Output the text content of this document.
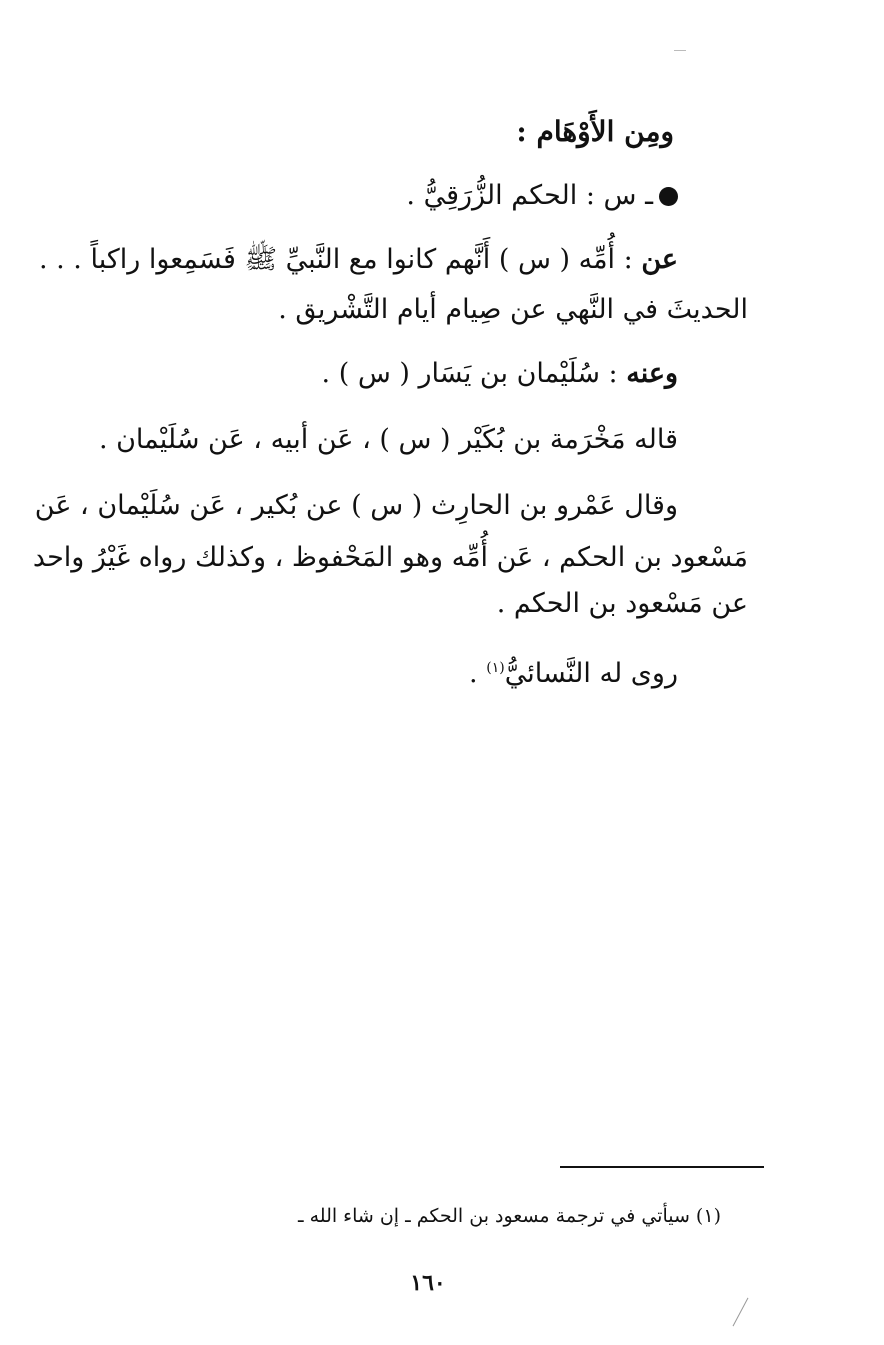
ومِن الأَوْهَام :
ـ س : الحكم الزُّرَقِيُّ .
عن : أُمِّه ( س ) أَنَّهم كانوا مع النَّبيِّ ﷺ فَسَمِعوا راكباً . . .
الحديثَ في النَّهي عن صِيام أيام التَّشْريق .
وعنه : سُلَيْمان بن يَسَار ( س ) .
قاله مَخْرَمة بن بُكَيْر ( س ) ، عَن أبيه ، عَن سُلَيْمان .
وقال عَمْرو بن الحارِث ( س ) عن بُكير ، عَن سُلَيْمان ، عَن
مَسْعود بن الحكم ، عَن أُمِّه وهو المَحْفوظ ، وكذلك رواه غَيْرُ واحد
عن مَسْعود بن الحكم .
روى له النَّسائيُّ$^{(١)}$ .
(١) سيأتي في ترجمة مسعود بن الحكم ـ إن شاء الله ـ
١٦٠
